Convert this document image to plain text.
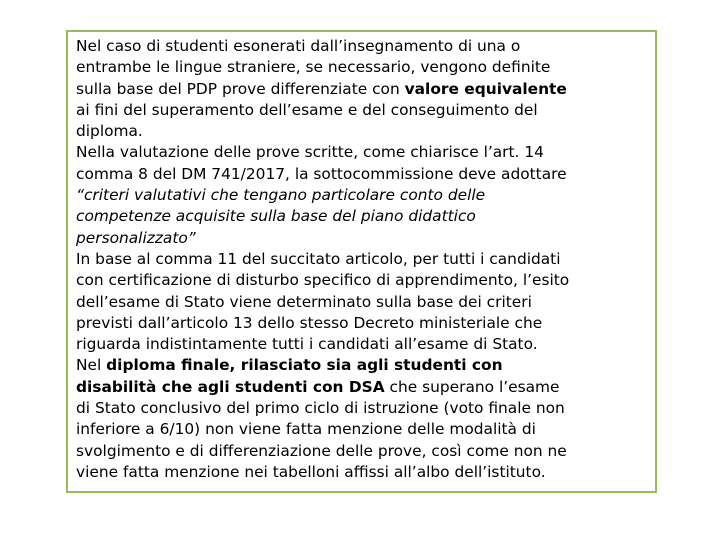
Nel caso di studenti esonerati dall’insegnamento di una o
entrambe le lingue straniere, se necessario, vengono definite
sulla base del PDP prove differenziate con valore equivalente
ai fini del superamento dell’esame e del conseguimento del
diploma.
Nella valutazione delle prove scritte, come chiarisce l’art. 14
comma 8 del DM 741/2017, la sottocommissione deve adottare
“criteri valutativi che tengano particolare conto delle
competenze acquisite sulla base del piano didattico
personalizzato”
In base al comma 11 del succitato articolo, per tutti i candidati
con certificazione di disturbo specifico di apprendimento, l’esito
dell’esame di Stato viene determinato sulla base dei criteri
previsti dall’articolo 13 dello stesso Decreto ministeriale che
riguarda indistintamente tutti i candidati all’esame di Stato.
Nel diploma finale, rilasciato sia agli studenti con
disabilità che agli studenti con DSA che superano l’esame
di Stato conclusivo del primo ciclo di istruzione (voto finale non
inferiore a 6/10) non viene fatta menzione delle modalità di
svolgimento e di differenziazione delle prove, così come non ne
viene fatta menzione nei tabelloni affissi all’albo dell’istituto.
